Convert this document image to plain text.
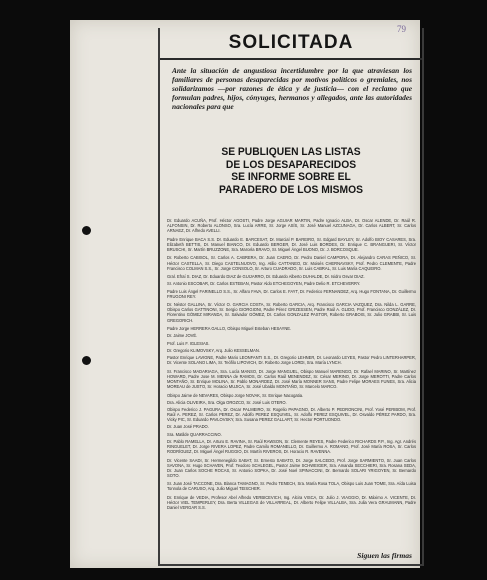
79
SOLICITADA

Ante la situación de angustiosa incertidumbre por la que atraviesan los familiares de personas desaparecidas por motivos políticos o gremiales, nos solidarizamos —por razones de ética y de justicia— con el reclamo que formulan padres, hijos, cónyuges, hermanos y allegados, ante las autoridades nacionales para que

SE PUBLIQUEN LAS LISTAS
DE LOS DESAPARECIDOS
SE INFORME SOBRE EL
PARADERO DE LOS MISMOS

Dr. Eduardo ACUÑA, Prof. Héctor AGOSTI, Padre Jorge AGUIAR MARTIN, Padre Ignacio ALBA, Dr. Oscar ALENDE, Dr. Raúl R. ALFONSIN, Dr. Roberto ALONSO, Sra. Lucía ARRE, Sr. Jorge ASÍS, Sr. José Manuel AZCUNAGA, Dr. Carlos ALBERT, Sr. Carlos ARNAEZ, Dr. Alfredo AVELLI.

Padre Enrique BACA S.S. Dr. Eduardo E. BARCESAT, Dr. Marcial P. BAREIRO, Sr. Edgard BAYLEY, Sr. Adolfo BIOY CASARES, Sra. Elizabeth BETTIS, Dr. Manuel BIANCO, Dr. Eduardo BERGER, Dr. José Luis BORDES, Dr. Enrique C. BRANGUERI, Sr. Víctor BRUSCHI, Sr. Martín BRUZZONE, Sra. Marcela BRAVO, Sr. Miguel Ángel BUONO, Dr. J. BORCOSQUE.

Dr. Roberto CABISOL, Sr. Carlos A. CABRERA, Dr. Juan CAERO, Dr. Pedro Daniel CAMPORA, Dr. Alejandro CARAS PEÑICO, Sr. Héctor CASTELLA, Sr. Diego CASTELNUOVO, Ing. Atilio CATTANEO, Dr. Moisés CHERNAVSKY, Prof. Pedro CLEMENTE, Padre Francisco COLMAN S.S., Sr. Jorge CONSOLO, Sr. Arturo CUADRADO, Sr. Luis CABRAL, Sr. Luis María CAQUEIRO.

Gral. Efraí S. DIAZ, Dr. Eduardo DIAZ de GUIJARRO, Dr. Eduardo Alberto DUHALDE, Dr. Isidro Osvar DIAZ.

Sr. Antonio ESCOBAR, Dr. Carlos ESTEBAN, Pastor Aldo ETCHEGOYEN, Padre Delio R. ETCHEVERRY.

Padre Luis Ángel FARINELLO S.S., Sr. Alfaro FAVA, Dr. Carlos E. FAYT, Dr. Federico FERNANDEZ, Arq. Hugo FONTANA, Dr. Guillermo FRUGONI REY.

Dr. Néstor GALLINA, Sr. Víctor O. GARCIA COSTA, Sr. Roberto GARCIA, Arq. Francisco GARCIA VAZQUEZ, Dra. Nilda L. GARRE, Obispo Carlos GATTINONI, Sr. Sergio GIORGIONI, Padre Pérez GRIZESSEN, Padre Raúl A. GLIDO, Prof. Francisco GONZÁLEZ, Dr. Florentino GÓMEZ MIRANDA, Sr. Salvador GÓMEZ, Dr. Carlos GONZALEZ PASTOR, Roberto GRABOIS, Sr. Julio GRABBI, Sr. Luis GREGORICH.

Padre Jorge HERRERA GALLO, Obispo Miguel Esteban HESAYNE.

Dr. Jaime JOVÉ.

Prof. Luis F. IGLESIAS.

Dr. Gregorio KLIMOVSKY, Arq. Julio KESSELMAN.

Pastor Enrique LAVIGNE, Padre Mario LEONFANTI S.S., Dr. Gregorio LEHNER, Dr. Leonardo LEYES, Pastor Pedro LINTERHARPER, Dr. Vicente SOLANO LIMA, Sr. Teófilo LIPOVICH, Dr. Roberto Jorge LORDI, Sra. María LYNCH.

Sr. Francisco MADARIAGA, Sra. Lucía MANSO, Dr. Jorge MANGUEL, Obispo Manuel MARENGO, Dr. Rafael MARINO, Sr. Martínez HOWARD, Padre Jose M. MENNA de RAMOS, Dr. Carlos Raúl MENENDEZ, Sr. César MERINO, Dr. Jorge MEROTTI, Padre Carlos MONTAÑO, Sr. Enrique MOLINA, Sr. Pablo MONARDEZ, Dr. José María MONNER SANS, Padre Felipe MORAES FUNES, Sra. Alicia MOREAU de JUSTO, Sr. Horacio MUJICA, Sr. José Ubaldo MONTAÑO, Sr. Marcelo MARCO.

Obispo Jaime de NEVARES, Obispo Jorge NOVAK, Sr. Enrique Nacogatia.

Dra. Alicia OLIVEIRA, Sra. Olga OROZCO, Sr. José Luis OTERO.

Obispo Federico J. PAGURA, Dr. Oscar PALMEIRO, Sr. Rogelio PAPAGNO, Dr. Alberto P. PEDRONCINI, Prof. Yosé PERIBOM, Prof. Raúl A. PEREZ, Sr. Carlos PEREZ, Dr. Adolfo PEREZ ESQUIVEL, Sr. Adolfo PEREZ ESQUIVEL, Dr. Osvaldo PÉREZ PARDO, Sra. Vicky PIC, Sr. Eduardo PAVLOVSKY, Sra. Susana PEREZ GALLART, Sr. Hector PORTUONDO.

Dr. Juan José PRADO.

Sra. Matilde QUARRACCINO.

Dr. Pablo RAMELLA, Dr. Arturo E. RAVINA, Sr. Raúl RAWSON, Sr. Clemente REYES, Padre Federico RICHARDS P.P., Ing. Agr. Andrés RINGUELET, Dr. Jorge RIVERA LOPEZ, Padre Camilo ROMANELLO, Dr. Guillermo A. ROMANO, Prof. José María ROSA, Sr. Carlos RODRÍGUEZ, Dr. Miguel Ángel RUGGIO, Dr. Martín RIVEROS, Dr. Horacio R. RAVENNA.

Dr. Vicente SAADI, Sr. Hermenegildo SABAT, Sr. Ernesto SABATO, Dr. Jorge SALCEDO, Prof. Jorge SARMIENTO, Sr. Juan Carlos SAVONA, Sr. Hugo SCHAVEN, Prof. Teodoro SCHLEGEL, Pastor Jaime SCHWEIGER, Sra. Amanda SECCHIERI, Sra. Rosana SEDA, Dr. Juan Carlos SOCHE ROCAS, Sr. Antonio SOPKA, Dr. José Noel SPINACCINI, Dr. Bernardo SOLARI YRIGOYEN, Sr. Bernardo SOTO.

Sr. Juan José TACCONE, Dra. Blanca TAMAGNO, Sr. Pedro TENECH, Sra. María Rosa TOLA, Obispo Luis Juan TOME, Sra. Aída Luisa Tonnola de CARUSO, Arq. Julio Miguel TEISCHER.

Dr. Enrique de VEDIA, Profesor Abel Alfredo VERBICEVICH, Ing. Alcira VISCA, Dr. Julio J. VIAGGIO, Dr. Máximo A. VICENTE, Dr. Héctor VIEL TEMPERLEY, Dra. Berta VILLEGAS de VILLARREAL, Dr. Alberto Felipe VILLALBA, Sra. Julia Vera GRAUMANN, Padre Daniel VERGAR S.S.

Siguen las firmas
